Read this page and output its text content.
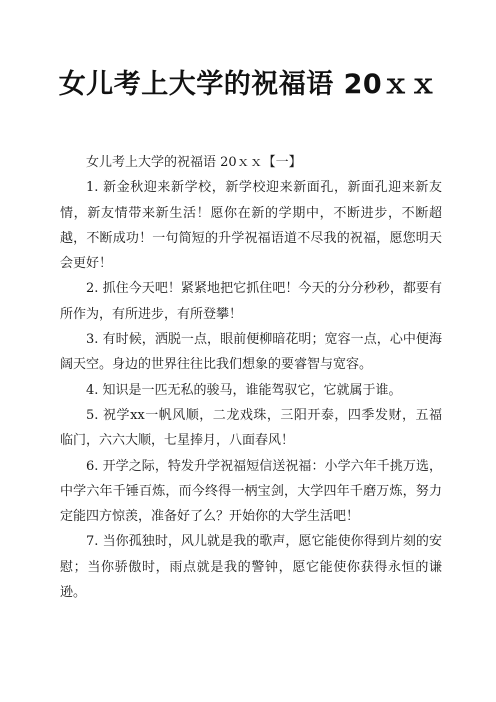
女儿考上大学的祝福语 20ｘｘ

女儿考上大学的祝福语 20ｘｘ【一】

1. 新金秋迎来新学校，新学校迎来新面孔，新面孔迎来新友情，新友情带来新生活！愿你在新的学期中，不断进步，不断超越，不断成功！一句简短的升学祝福语道不尽我的祝福，愿您明天会更好！

2. 抓住今天吧！紧紧地把它抓住吧！今天的分分秒秒，都要有所作为，有所进步，有所登攀！

3. 有时候，洒脱一点，眼前便柳暗花明；宽容一点，心中便海阔天空。身边的世界往往比我们想象的要睿智与宽容。

4. 知识是一匹无私的骏马，谁能驾驭它，它就属于谁。

5. 祝学xx一帆风顺，二龙戏珠，三阳开泰，四季发财，五福临门，六六大顺，七星捧月，八面春风！

6. 开学之际，特发升学祝福短信送祝福：小学六年千挑万选，中学六年千锤百炼，而今终得一柄宝剑，大学四年千磨万炼，努力定能四方惊羡，准备好了么？开始你的大学生活吧！

7. 当你孤独时，风儿就是我的歌声，愿它能使你得到片刻的安慰；当你骄傲时，雨点就是我的警钟，愿它能使你获得永恒的谦逊。
